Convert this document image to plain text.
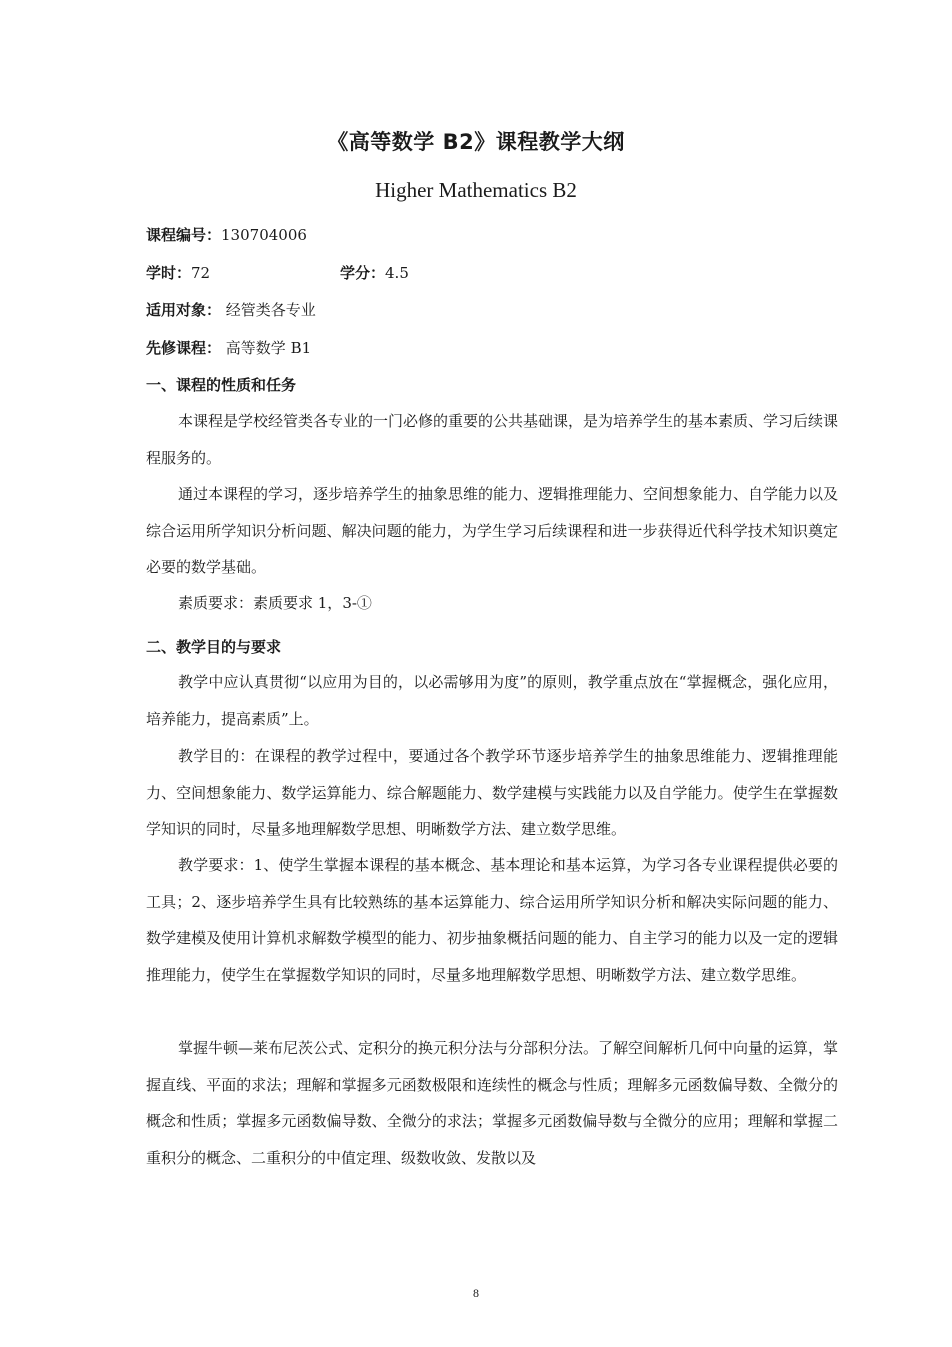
《高等数学 B2》课程教学大纲
Higher Mathematics B2
课程编号：130704006
学时：72	学分：4.5
适用对象： 经管类各专业
先修课程： 高等数学 B1
一、课程的性质和任务
本课程是学校经管类各专业的一门必修的重要的公共基础课，是为培养学生的基本素质、学习后续课程服务的。
通过本课程的学习，逐步培养学生的抽象思维的能力、逻辑推理能力、空间想象能力、自学能力以及综合运用所学知识分析问题、解决问题的能力，为学生学习后续课程和进一步获得近代科学技术知识奠定必要的数学基础。
素质要求：素质要求 1，3-①
二、教学目的与要求
教学中应认真贯彻“以应用为目的，以必需够用为度”的原则，教学重点放在“掌握概念，强化应用，培养能力，提高素质”上。
教学目的：在课程的教学过程中，要通过各个教学环节逐步培养学生的抽象思维能力、逻辑推理能力、空间想象能力、数学运算能力、综合解题能力、数学建模与实践能力以及自学能力。使学生在掌握数学知识的同时，尽量多地理解数学思想、明晰数学方法、建立数学思维。
教学要求：1、使学生掌握本课程的基本概念、基本理论和基本运算，为学习各专业课程提供必要的工具；2、逐步培养学生具有比较熟练的基本运算能力、综合运用所学知识分析和解决实际问题的能力、数学建模及使用计算机求解数学模型的能力、初步抽象概括问题的能力、自主学习的能力以及一定的逻辑推理能力，使学生在掌握数学知识的同时，尽量多地理解数学思想、明晰数学方法、建立数学思维。
掌握牛顿—莱布尼茨公式、定积分的换元积分法与分部积分法。了解空间解析几何中向量的运算，掌握直线、平面的求法；理解和掌握多元函数极限和连续性的概念与性质；理解多元函数偏导数、全微分的概念和性质；掌握多元函数偏导数、全微分的求法；掌握多元函数偏导数与全微分的应用；理解和掌握二重积分的概念、二重积分的中值定理、级数收敛、发散以及
8
